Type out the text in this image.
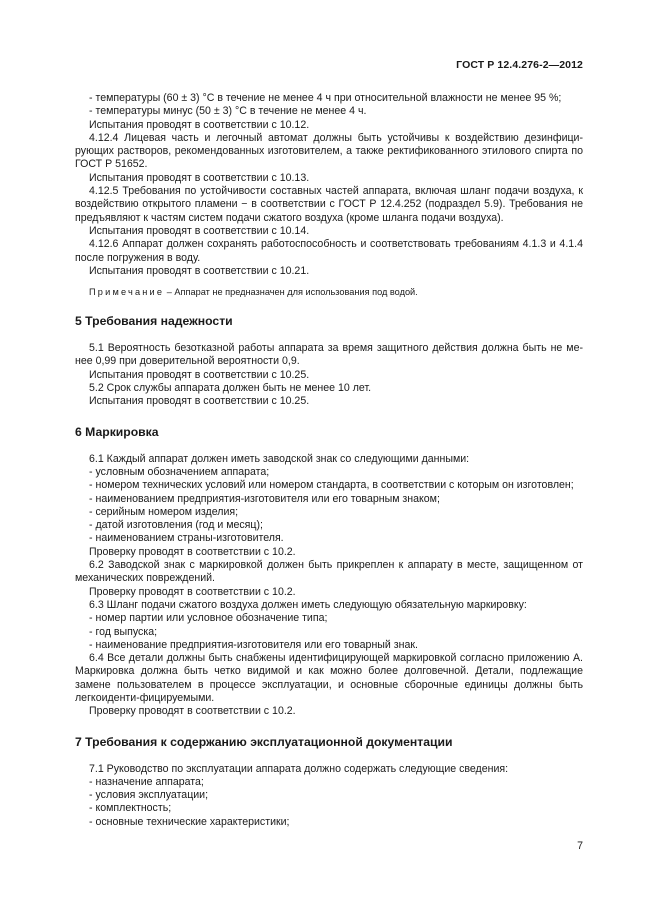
ГОСТ Р 12.4.276-2—2012

- температуры (60 ± 3) °С в течение не менее 4 ч при относительной влажности не менее 95 %;

- температуры минус (50 ± 3) °С в течение не менее 4 ч.

Испытания проводят в соответствии с 10.12.

4.12.4 Лицевая часть и легочный автомат должны быть устойчивы к воздействию дезинфици-рующих растворов, рекомендованных изготовителем, а также ректификованного этилового спирта по ГОСТ Р 51652.

Испытания проводят в соответствии с 10.13.

4.12.5 Требования по устойчивости составных частей аппарата, включая шланг подачи воздуха, к воздействию открытого пламени − в соответствии с ГОСТ Р 12.4.252 (подраздел 5.9). Требования не предъявляют к частям систем подачи сжатого воздуха (кроме шланга подачи воздуха).

Испытания проводят в соответствии с 10.14.

4.12.6 Аппарат должен сохранять работоспособность и соответствовать требованиям 4.1.3 и 4.1.4 после погружения в воду.

Испытания проводят в соответствии с 10.21.

Примечание – Аппарат не предназначен для использования под водой.

5 Требования надежности

5.1 Вероятность безотказной работы аппарата за время защитного действия должна быть не ме-нее 0,99 при доверительной вероятности 0,9.

Испытания проводят в соответствии с 10.25.

5.2 Срок службы аппарата должен быть не менее 10 лет.

Испытания проводят в соответствии с 10.25.

6 Маркировка

6.1 Каждый аппарат должен иметь заводской знак со следующими данными:

- условным обозначением аппарата;

- номером технических условий или номером стандарта, в соответствии с которым он изготовлен;

- наименованием предприятия-изготовителя или его товарным знаком;

- серийным номером изделия;

- датой изготовления (год и месяц);

- наименованием страны-изготовителя.

Проверку проводят в соответствии с 10.2.

6.2 Заводской знак с маркировкой должен быть прикреплен к аппарату в месте, защищенном от механических повреждений.

Проверку проводят в соответствии с 10.2.

6.3 Шланг подачи сжатого воздуха должен иметь следующую обязательную маркировку:

- номер партии или условное обозначение типа;

- год выпуска;

- наименование предприятия-изготовителя или его товарный знак.

6.4 Все детали должны быть снабжены идентифицирующей маркировкой согласно приложению А. Маркировка должна быть четко видимой и как можно более долговечной. Детали, подлежащие замене пользователем в процессе эксплуатации, и основные сборочные единицы должны быть легкоиденти-фицируемыми.

Проверку проводят в соответствии с 10.2.

7 Требования к содержанию эксплуатационной документации

7.1 Руководство по эксплуатации аппарата должно содержать следующие сведения:

- назначение аппарата;

- условия эксплуатации;

- комплектность;

- основные технические характеристики;

7
